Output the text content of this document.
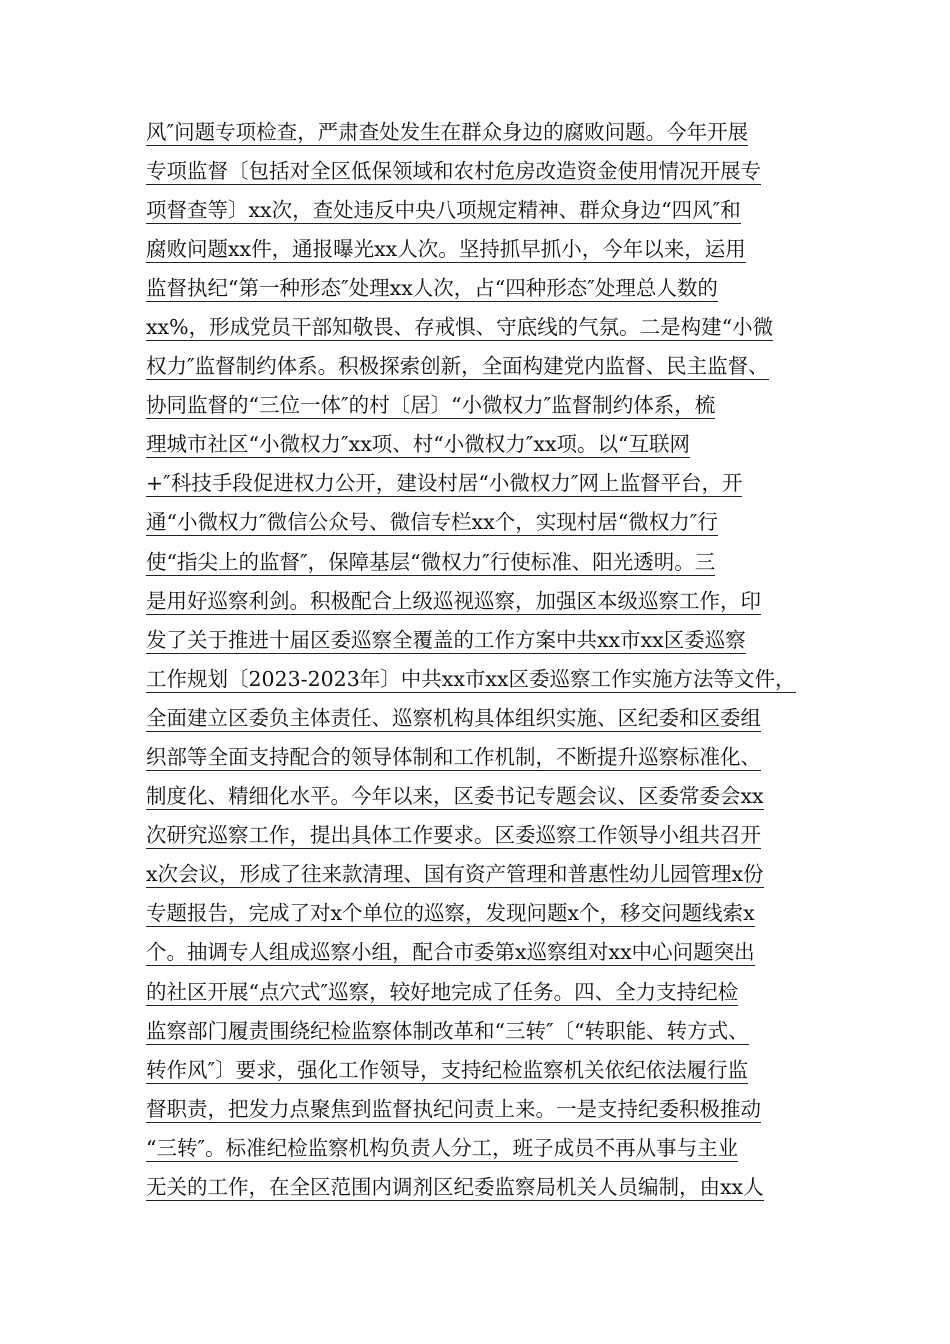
风″问题专项检查，严肃查处发生在群众身边的腐败问题。今年开展
专项监督〔包括对全区低保领域和农村危房改造资金使用情况开展专
项督查等〕xx次，查处违反中央八项规定精神、群众身边“四风″和
腐败问题xx件，通报曝光xx人次。坚持抓早抓小，今年以来，运用
监督执纪“第一种形态″处理xx人次，占“四种形态″处理总人数的
xx%，形成党员干部知敬畏、存戒惧、守底线的气氛。二是构建“小微
权力″监督制约体系。积极探索创新，全面构建党内监督、民主监督、
协同监督的“三位一体″的村〔居〕“小微权力″监督制约体系，梳
理城市社区“小微权力″xx项、村“小微权力″xx项。以“互联网
+″科技手段促进权力公开，建设村居“小微权力″网上监督平台，开
通“小微权力″微信公众号、微信专栏xx个，实现村居“微权力″行
使“指尖上的监督″，保障基层“微权力″行使标准、阳光透明。三
是用好巡察利剑。积极配合上级巡视巡察，加强区本级巡察工作，印
发了关于推进十届区委巡察全覆盖的工作方案中共xx市xx区委巡察
工作规划〔2023-2023年〕中共xx市xx区委巡察工作实施方法等文件，
全面建立区委负主体责任、巡察机构具体组织实施、区纪委和区委组
织部等全面支持配合的领导体制和工作机制，不断提升巡察标准化、
制度化、精细化水平。今年以来，区委书记专题会议、区委常委会xx
次研究巡察工作，提出具体工作要求。区委巡察工作领导小组共召开
x次会议，形成了往来款清理、国有资产管理和普惠性幼儿园管理x份
专题报告，完成了对x个单位的巡察，发现问题x个，移交问题线索x
个。抽调专人组成巡察小组，配合市委第x巡察组对xx中心问题突出
的社区开展“点穴式″巡察，较好地完成了任务。四、全力支持纪检
监察部门履责围绕纪检监察体制改革和“三转″〔“转职能、转方式、
转作风″〕要求，强化工作领导，支持纪检监察机关依纪依法履行监
督职责，把发力点聚焦到监督执纪问责上来。一是支持纪委积极推动
“三转″。标准纪检监察机构负责人分工，班子成员不再从事与主业
无关的工作，在全区范围内调剂区纪委监察局机关人员编制，由xx人
